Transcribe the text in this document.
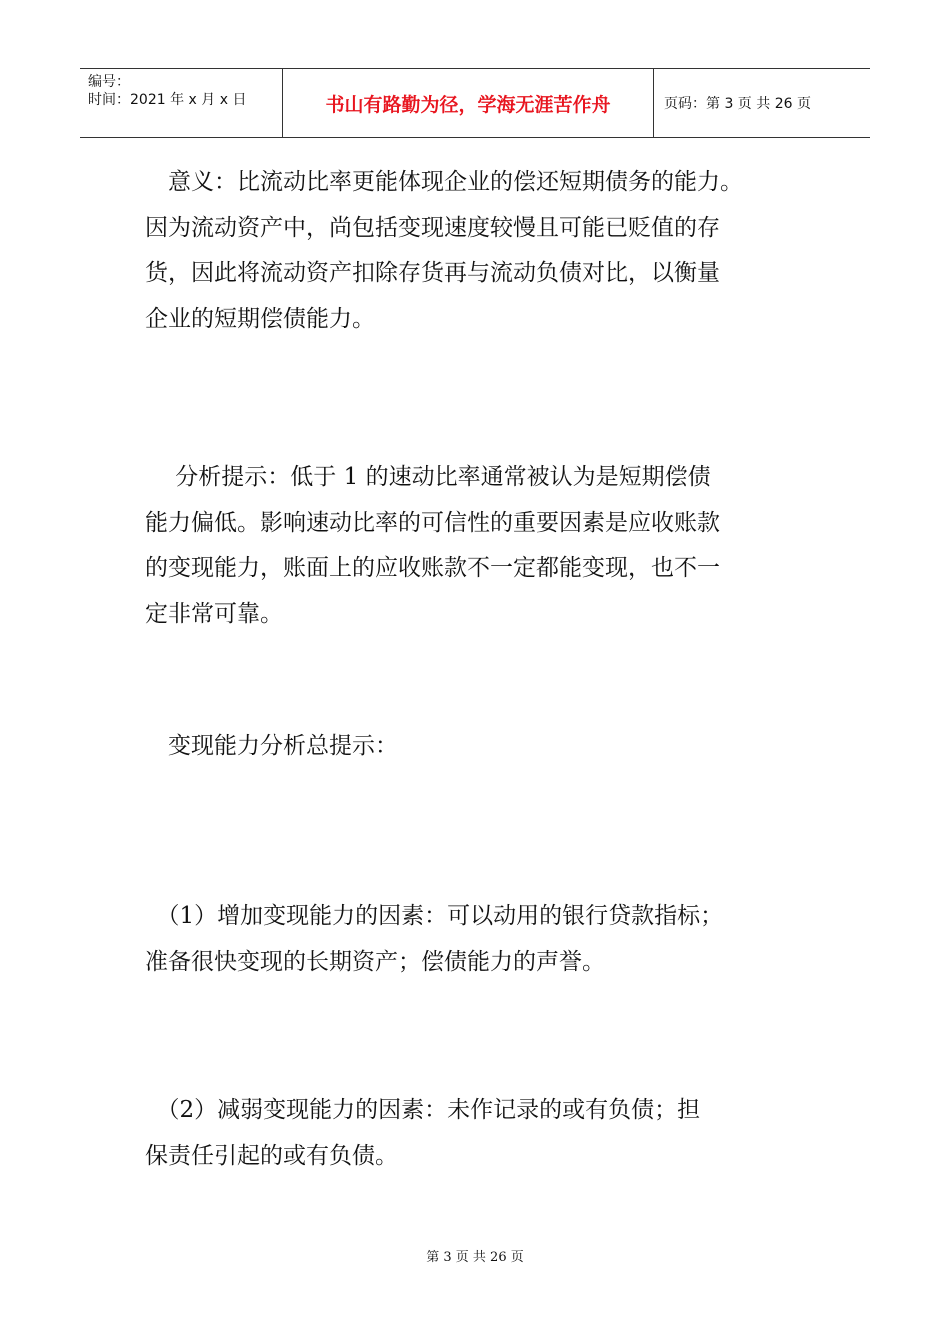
编号：
时间：2021 年 x 月 x 日	书山有路勤为径，学海无涯苦作舟	页码：第 3 页 共 26 页
　意义：比流动比率更能体现企业的偿还短期债务的能力。
因为流动资产中，尚包括变现速度较慢且可能已贬值的存
货，因此将流动资产扣除存货再与流动负债对比，以衡量
企业的短期偿债能力。
　 分析提示：低于 1 的速动比率通常被认为是短期偿债
能力偏低。影响速动比率的可信性的重要因素是应收账款
的变现能力，账面上的应收账款不一定都能变现，也不一
定非常可靠。
　变现能力分析总提示：
　（1）增加变现能力的因素：可以动用的银行贷款指标；
准备很快变现的长期资产；偿债能力的声誉。
　（2）减弱变现能力的因素：未作记录的或有负债；担
保责任引起的或有负债。
第 3 页 共 26 页
